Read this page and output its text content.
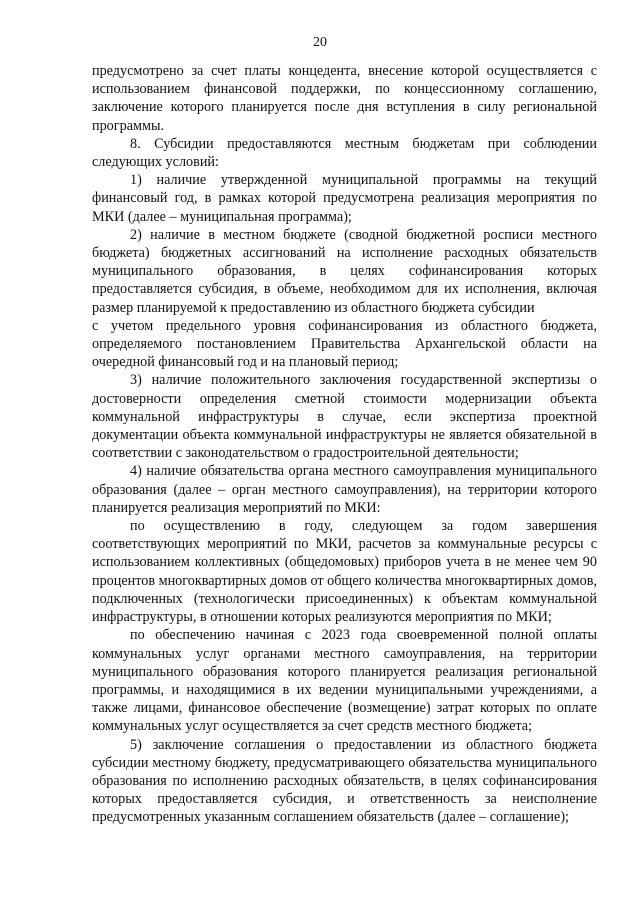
20

предусмотрено за счет платы концедента, внесение которой осуществляется с использованием финансовой поддержки, по концессионному соглашению, заключение которого планируется после дня вступления в силу региональной программы.

8. Субсидии предоставляются местным бюджетам при соблюдении следующих условий:

1) наличие утвержденной муниципальной программы на текущий финансовый год, в рамках которой предусмотрена реализация мероприятия по МКИ (далее – муниципальная программа);

2) наличие в местном бюджете (сводной бюджетной росписи местного бюджета) бюджетных ассигнований на исполнение расходных обязательств муниципального образования, в целях софинансирования которых предоставляется субсидия, в объеме, необходимом для их исполнения, включая размер планируемой к предоставлению из областного бюджета субсидии

с учетом предельного уровня софинансирования из областного бюджета, определяемого постановлением Правительства Архангельской области на очередной финансовый год и на плановый период;

3) наличие положительного заключения государственной экспертизы о достоверности определения сметной стоимости модернизации объекта коммунальной инфраструктуры в случае, если экспертиза проектной документации объекта коммунальной инфраструктуры не является обязательной в соответствии с законодательством о градостроительной деятельности;

4) наличие обязательства органа местного самоуправления муниципального образования (далее – орган местного самоуправления), на территории которого планируется реализация мероприятий по МКИ:

по осуществлению в году, следующем за годом завершения соответствующих мероприятий по МКИ, расчетов за коммунальные ресурсы с использованием коллективных (общедомовых) приборов учета в не менее чем 90 процентов многоквартирных домов от общего количества многоквартирных домов, подключенных (технологически присоединенных) к объектам коммунальной инфраструктуры, в отношении которых реализуются мероприятия по МКИ;

по обеспечению начиная с 2023 года своевременной полной оплаты коммунальных услуг органами местного самоуправления, на территории муниципального образования которого планируется реализация региональной программы, и находящимися в их ведении муниципальными учреждениями, а также лицами, финансовое обеспечение (возмещение) затрат которых по оплате коммунальных услуг осуществляется за счет средств местного бюджета;

5) заключение соглашения о предоставлении из областного бюджета субсидии местному бюджету, предусматривающего обязательства муниципального образования по исполнению расходных обязательств, в целях софинансирования которых предоставляется субсидия, и ответственность за неисполнение предусмотренных указанным соглашением обязательств (далее – соглашение);
